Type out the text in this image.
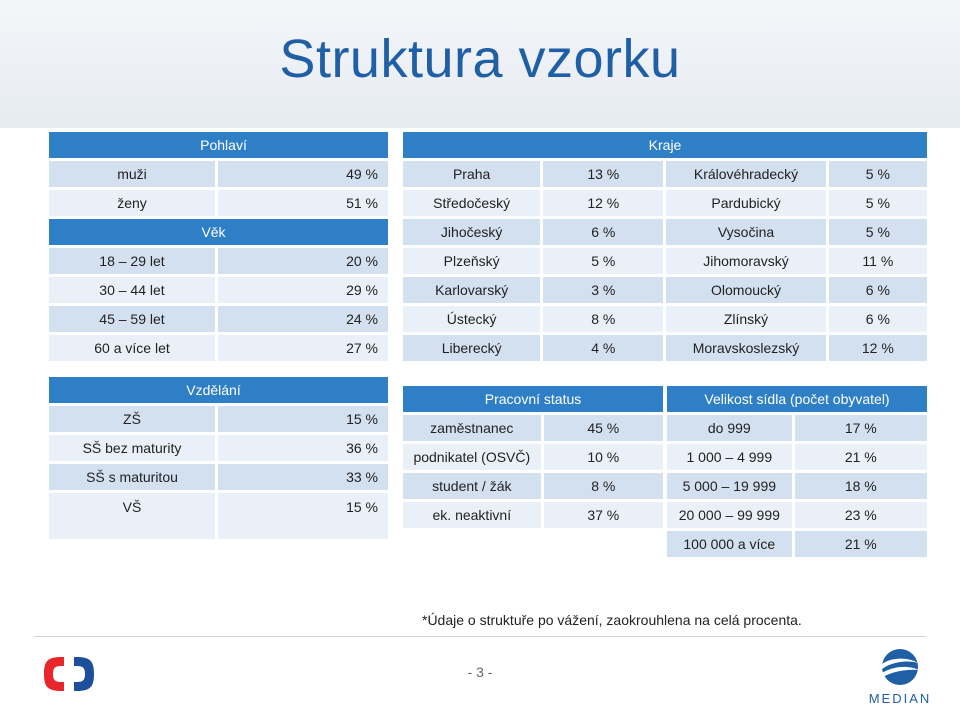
Struktura vzorku
Pohlaví	
muži	49 %
ženy	51 %
Věk	
18 – 29 let	20 %
30 – 44 let	29 %
45 – 59 let	24 %
60 a více let	27 %

Vzdělání	
ZŠ	15 %
SŠ bez maturity	36 %
SŠ s maturitou	33 %
VŠ	15 %
Kraje			
Praha	13 %	Královéhradecký	5 %
Středočeský	12 %	Pardubický	5 %
Jihočeský	6 %	Vysočina	5 %
Plzeňský	5 %	Jihomoravský	11 %
Karlovarský	3 %	Olomoucký	6 %
Ústecký	8 %	Zlínský	6 %
Liberecký	4 %	Moravskoslezský	12 %
Pracovní status	
zaměstnanec	45 %
podnikatel (OSVČ)	10 %
student / žák	8 %
ek. neaktivní	37 %
Velikost sídla (počet obyvatel)	
do 999	17 %
1 000 – 4 999	21 %
5 000 – 19 999	18 %
20 000 – 99 999	23 %
100 000 a více	21 %
*Údaje o struktuře po vážení, zaokrouhlena na celá procenta.
- 3 -
MEDIAN
